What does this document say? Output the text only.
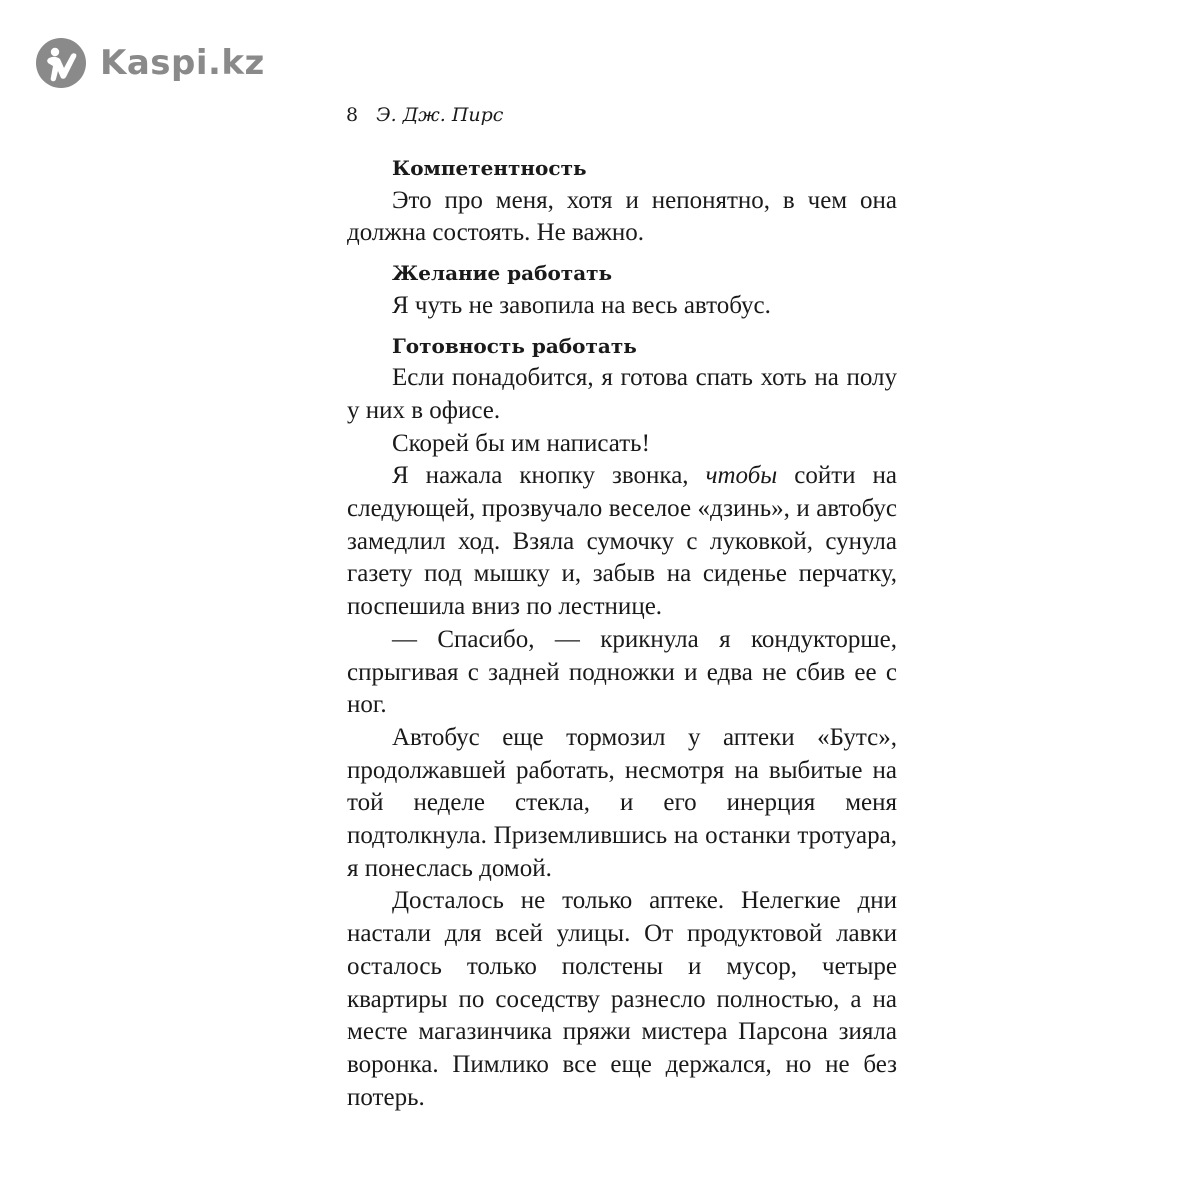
Kaspi.kz
8 Э. Дж. Пирс
Компетентность

Это про меня, хотя и непонятно, в чем она должна состоять. Не важно.

Желание работать

Я чуть не завопила на весь автобус.

Готовность работать

Если понадобится, я готова спать хоть на полу у них в офисе.

Скорей бы им написать!

Я нажала кнопку звонка, чтобы сойти на следующей, прозвучало веселое «дзинь», и автобус замедлил ход. Взяла сумочку с луковкой, сунула газету под мышку и, забыв на сиденье перчатку, поспешила вниз по лестнице.

— Спасибо, — крикнула я кондукторше, спрыгивая с задней подножки и едва не сбив ее с ног.

Автобус еще тормозил у аптеки «Бутс», продолжавшей работать, несмотря на выбитые на той неделе стекла, и его инерция меня подтолкнула. Приземлившись на останки тротуара, я понеслась домой.

Досталось не только аптеке. Нелегкие дни настали для всей улицы. От продуктовой лавки осталось только полстены и мусор, четыре квартиры по соседству разнесло полностью, а на месте магазинчика пряжи мистера Парсона зияла воронка. Пимлико все еще держался, но не без потерь.
